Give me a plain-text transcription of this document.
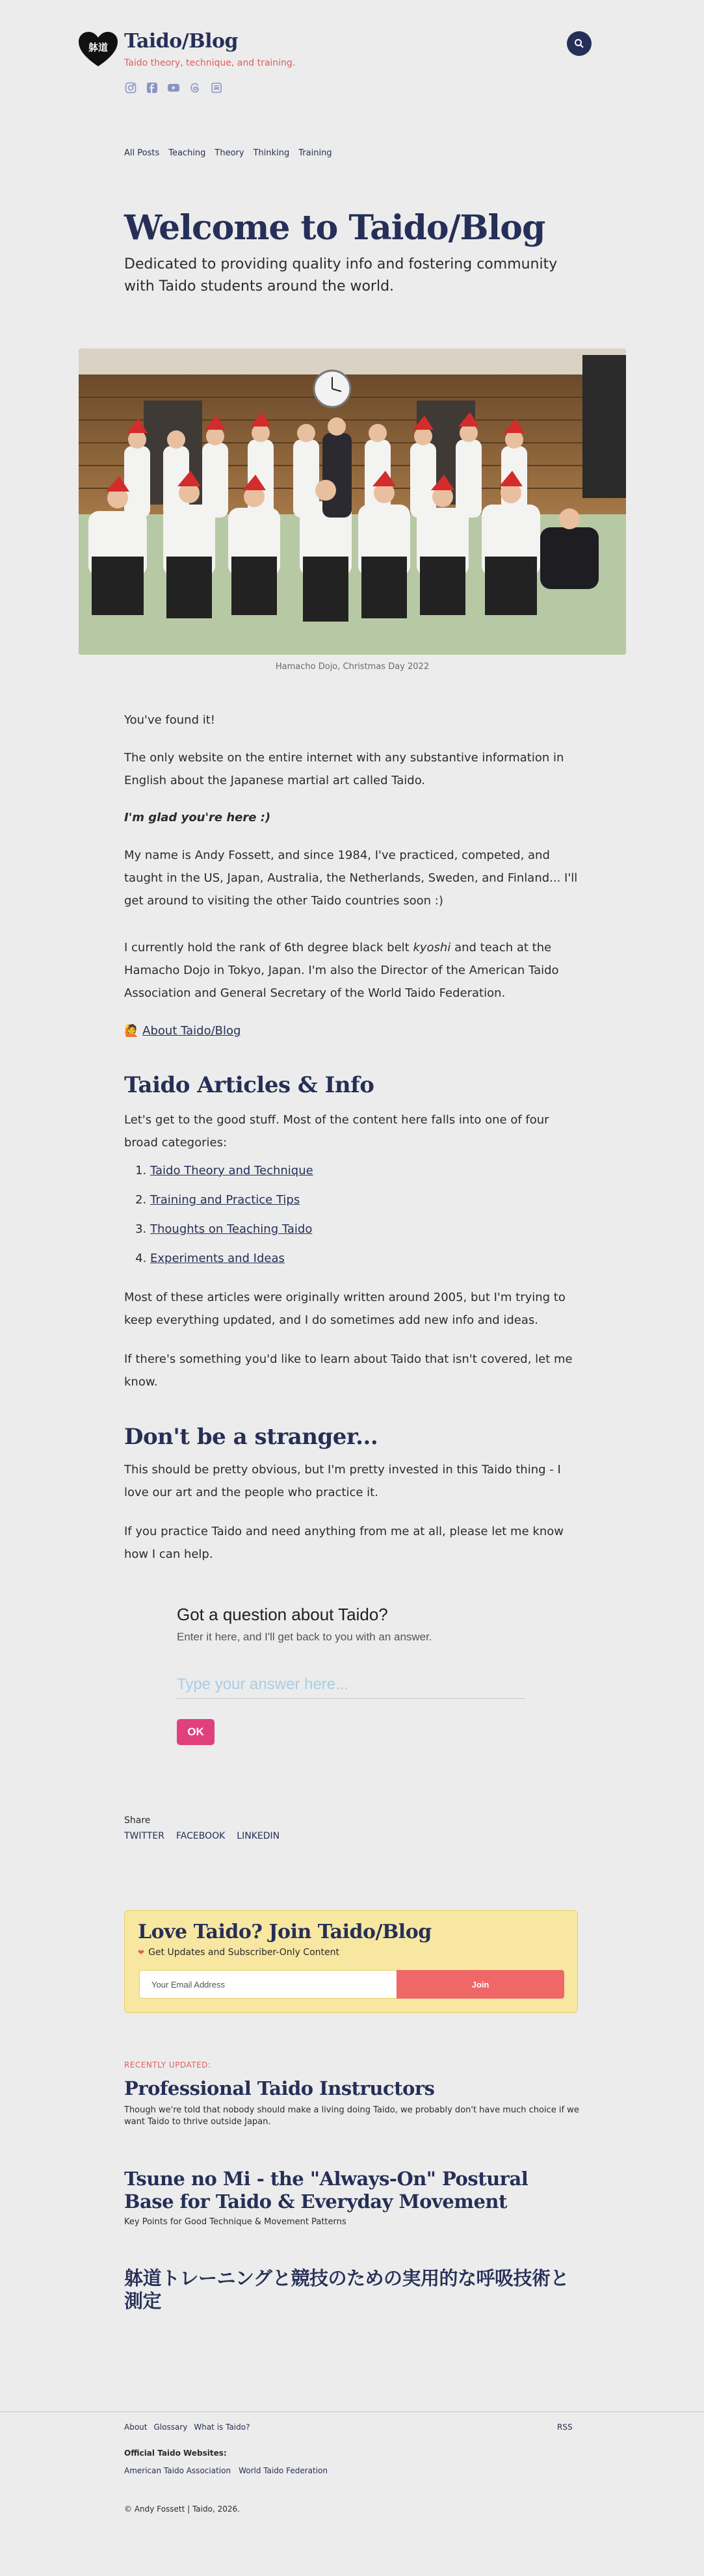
躰道 Taido/Blog
Taido theory, technique, and training.
All Posts Teaching Theory Thinking Training
Welcome to Taido/Blog
Dedicated to providing quality info and fostering community with Taido students around the world.
Hamacho Dojo, Christmas Day 2022

You've found it!

The only website on the entire internet with any substantive information in English about the Japanese martial art called Taido.

I'm glad you're here :)

My name is Andy Fossett, and since 1984, I've practiced, competed, and taught in the US, Japan, Australia, the Netherlands, Sweden, and Finland... I'll get around to visiting the other Taido countries soon :)

I currently hold the rank of 6th degree black belt kyoshi and teach at the Hamacho Dojo in Tokyo, Japan. I'm also the Director of the American Taido Association and General Secretary of the World Taido Federation.

🙋 About Taido/Blog
Taido Articles & Info

Let's get to the good stuff. Most of the content here falls into one of four broad categories:

1. Taido Theory and Technique
2. Training and Practice Tips
3. Thoughts on Teaching Taido
4. Experiments and Ideas

Most of these articles were originally written around 2005, but I'm trying to keep everything updated, and I do sometimes add new info and ideas.

If there's something you'd like to learn about Taido that isn't covered, let me know.

Don't be a stranger...

This should be pretty obvious, but I'm pretty invested in this Taido thing - I love our art and the people who practice it.

If you practice Taido and need anything from me at all, please let me know how I can help.

Got a question about Taido?
Enter it here, and I'll get back to you with an answer.
Type your answer here...
OK
Share
TWITTER FACEBOOK LINKEDIN
Love Taido? Join Taido/Blog
❤ Get Updates and Subscriber-Only Content
Your Email Address
Join
RECENTLY UPDATED:
Professional Taido Instructors
Though we're told that nobody should make a living doing Taido, we probably don't have much choice if we want Taido to thrive outside Japan.
Tsune no Mi - the "Always-On" Postural Base for Taido & Everyday Movement
Key Points for Good Technique & Movement Patterns
躰道トレーニングと競技のための実用的な呼吸技術と測定
About Glossary What is Taido?	RSS
Official Taido Websites:
American Taido Association World Taido Federation
© Andy Fossett | Taido, 2026.
